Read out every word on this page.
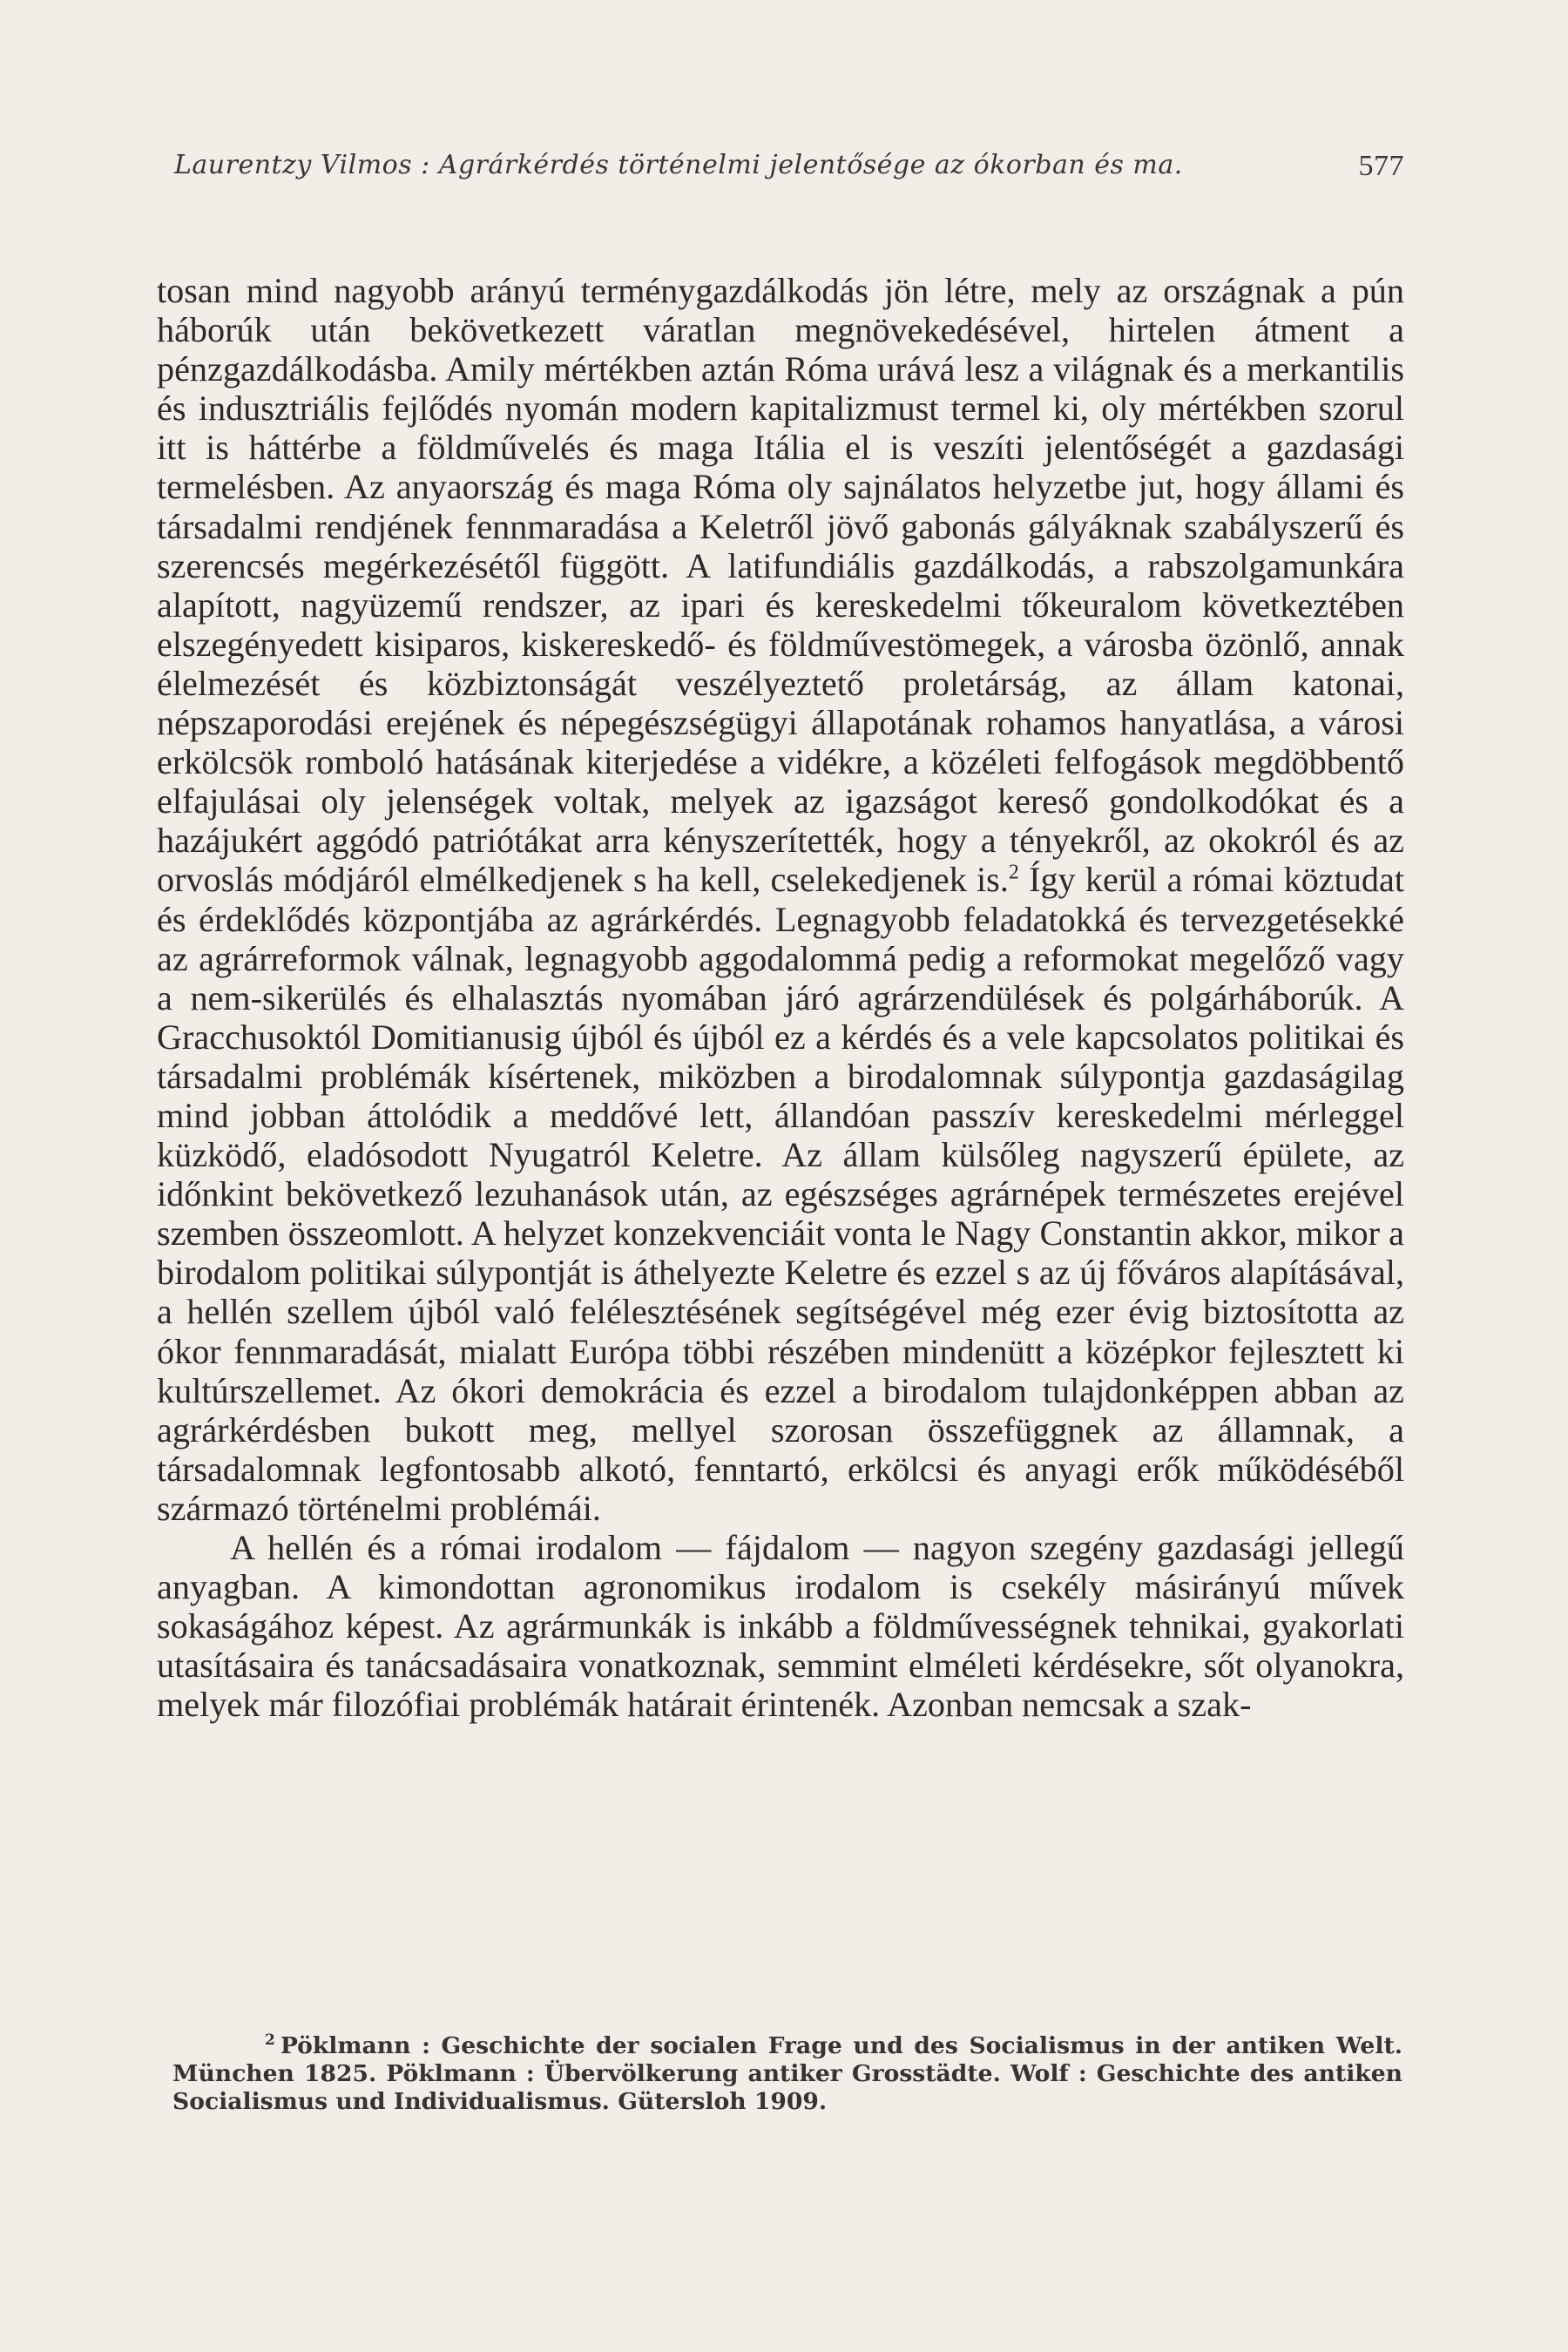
Laurentzy Vilmos : Agrárkérdés történelmi jelentősége az ókorban és ma.	577

tosan mind nagyobb arányú terménygazdálkodás jön létre, mely az országnak a pún háborúk után bekövetkezett váratlan megnövekedésével, hirtelen átment a pénzgazdálkodásba. Amily mértékben aztán Róma urává lesz a világnak és a merkantilis és indusztriális fejlődés nyomán modern kapitalizmust termel ki, oly mértékben szorul itt is háttérbe a földművelés és maga Itália el is veszíti jelentőségét a gazdasági termelésben. Az anyaország és maga Róma oly sajnálatos helyzetbe jut, hogy állami és társadalmi rendjének fennmaradása a Keletről jövő gabonás gályáknak szabályszerű és szerencsés megérkezésétől függött. A latifundiális gazdálkodás, a rabszolgamunkára alapított, nagyüzemű rendszer, az ipari és kereskedelmi tőkeuralom következtében elszegényedett kisiparos, kiskereskedő- és földművestömegek, a városba özönlő, annak élelmezését és közbiztonságát veszélyeztető proletárság, az állam katonai, népszaporodási erejének és népegészségügyi állapotának rohamos hanyatlása, a városi erkölcsök romboló hatásának kiterjedése a vidékre, a közéleti felfogások megdöbbentő elfajulásai oly jelenségek voltak, melyek az igazságot kereső gondolkodókat és a hazájukért aggódó patriótákat arra kényszerítették, hogy a tényekről, az okokról és az orvoslás módjáról elmélkedjenek s ha kell, cselekedjenek is.$^2$ Így kerül a római köztudat és érdeklődés központjába az agrárkérdés. Legnagyobb feladatokká és tervezgetésekké az agrárreformok válnak, legnagyobb aggodalommá pedig a reformokat megelőző vagy a nem-sikerülés és elhalasztás nyomában járó agrárzendülések és polgárháborúk. A Gracchusoktól Domitianusig újból és újból ez a kérdés és a vele kapcsolatos politikai és társadalmi problémák kísértenek, miközben a birodalomnak súlypontja gazdaságilag mind jobban áttolódik a meddővé lett, állandóan passzív kereskedelmi mérleggel küzködő, eladósodott Nyugatról Keletre. Az állam külsőleg nagyszerű épülete, az időnkint bekövetkező lezuhanások után, az egészséges agrárnépek természetes erejével szemben összeomlott. A helyzet konzekvenciáit vonta le Nagy Constantin akkor, mikor a birodalom politikai súlypontját is áthelyezte Keletre és ezzel s az új főváros alapításával, a hellén szellem újból való felélesztésének segítségével még ezer évig biztosította az ókor fennmaradását, mialatt Európa többi részében mindenütt a középkor fejlesztett ki kultúrszellemet. Az ókori demokrácia és ezzel a birodalom tulajdonképpen abban az agrárkérdésben bukott meg, mellyel szorosan összefüggnek az államnak, a társadalomnak legfontosabb alkotó, fenntartó, erkölcsi és anyagi erők működéséből származó történelmi problémái.

A hellén és a római irodalom — fájdalom — nagyon szegény gazdasági jellegű anyagban. A kimondottan agronomikus irodalom is csekély másirányú művek sokaságához képest. Az agrármunkák is inkább a földművességnek tehnikai, gyakorlati utasításaira és tanácsadásaira vonatkoznak, semmint elméleti kérdésekre, sőt olyanokra, melyek már filozófiai problémák határait érintenék. Azonban nemcsak a szak-

$^2$ Pöklmann : Geschichte der socialen Frage und des Socialismus in der antiken Welt. München 1825. Pöklmann : Übervölkerung antiker Grosstädte. Wolf : Geschichte des antiken Socialismus und Individualismus. Gütersloh 1909.
